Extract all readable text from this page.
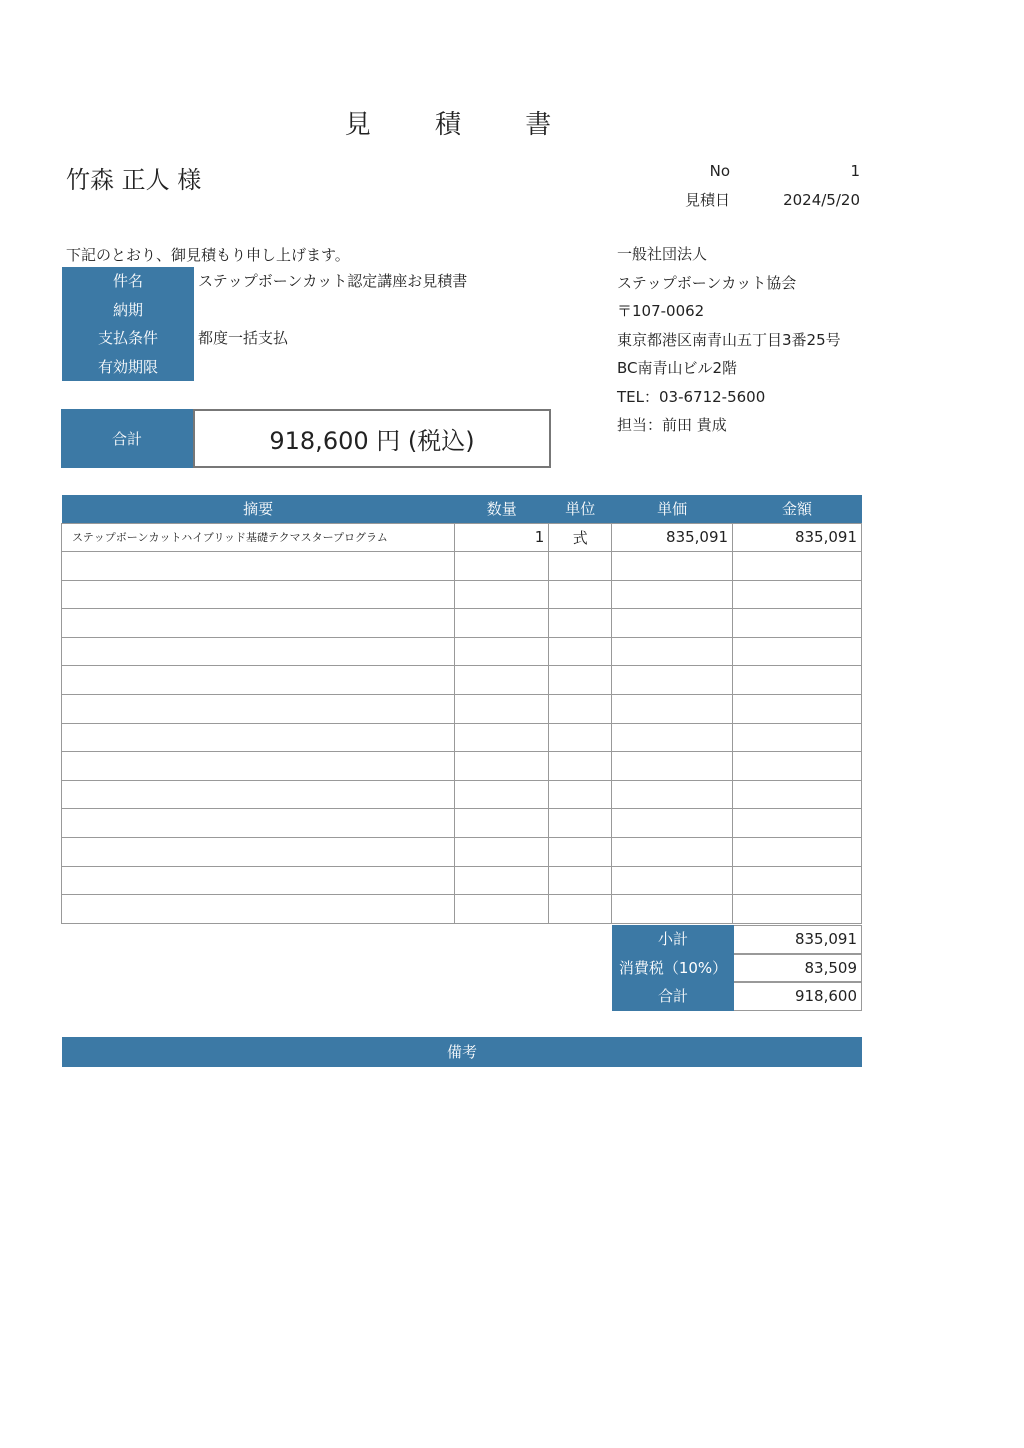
見 積 書
竹森 正人 様	No	1
見積日	2024/5/20
下記のとおり、御見積もり申し上げます。
件名	ステップボーンカット認定講座お見積書
納期
支払条件	都度一括支払
有効期限
一般社団法人
ステップボーンカット協会
〒107-0062
東京都港区南青山五丁目3番25号
BC南青山ビル2階
TEL：03-6712-5600
担当：前田 貴成
合計	918,600 円 (税込)
摘要	数量	単位	単価	金額
ステップボーンカットハイブリッド基礎テクマスタープログラム	1	式	835,091	835,091

小計	835,091
消費税（10%）	83,509
合計	918,600
備考
